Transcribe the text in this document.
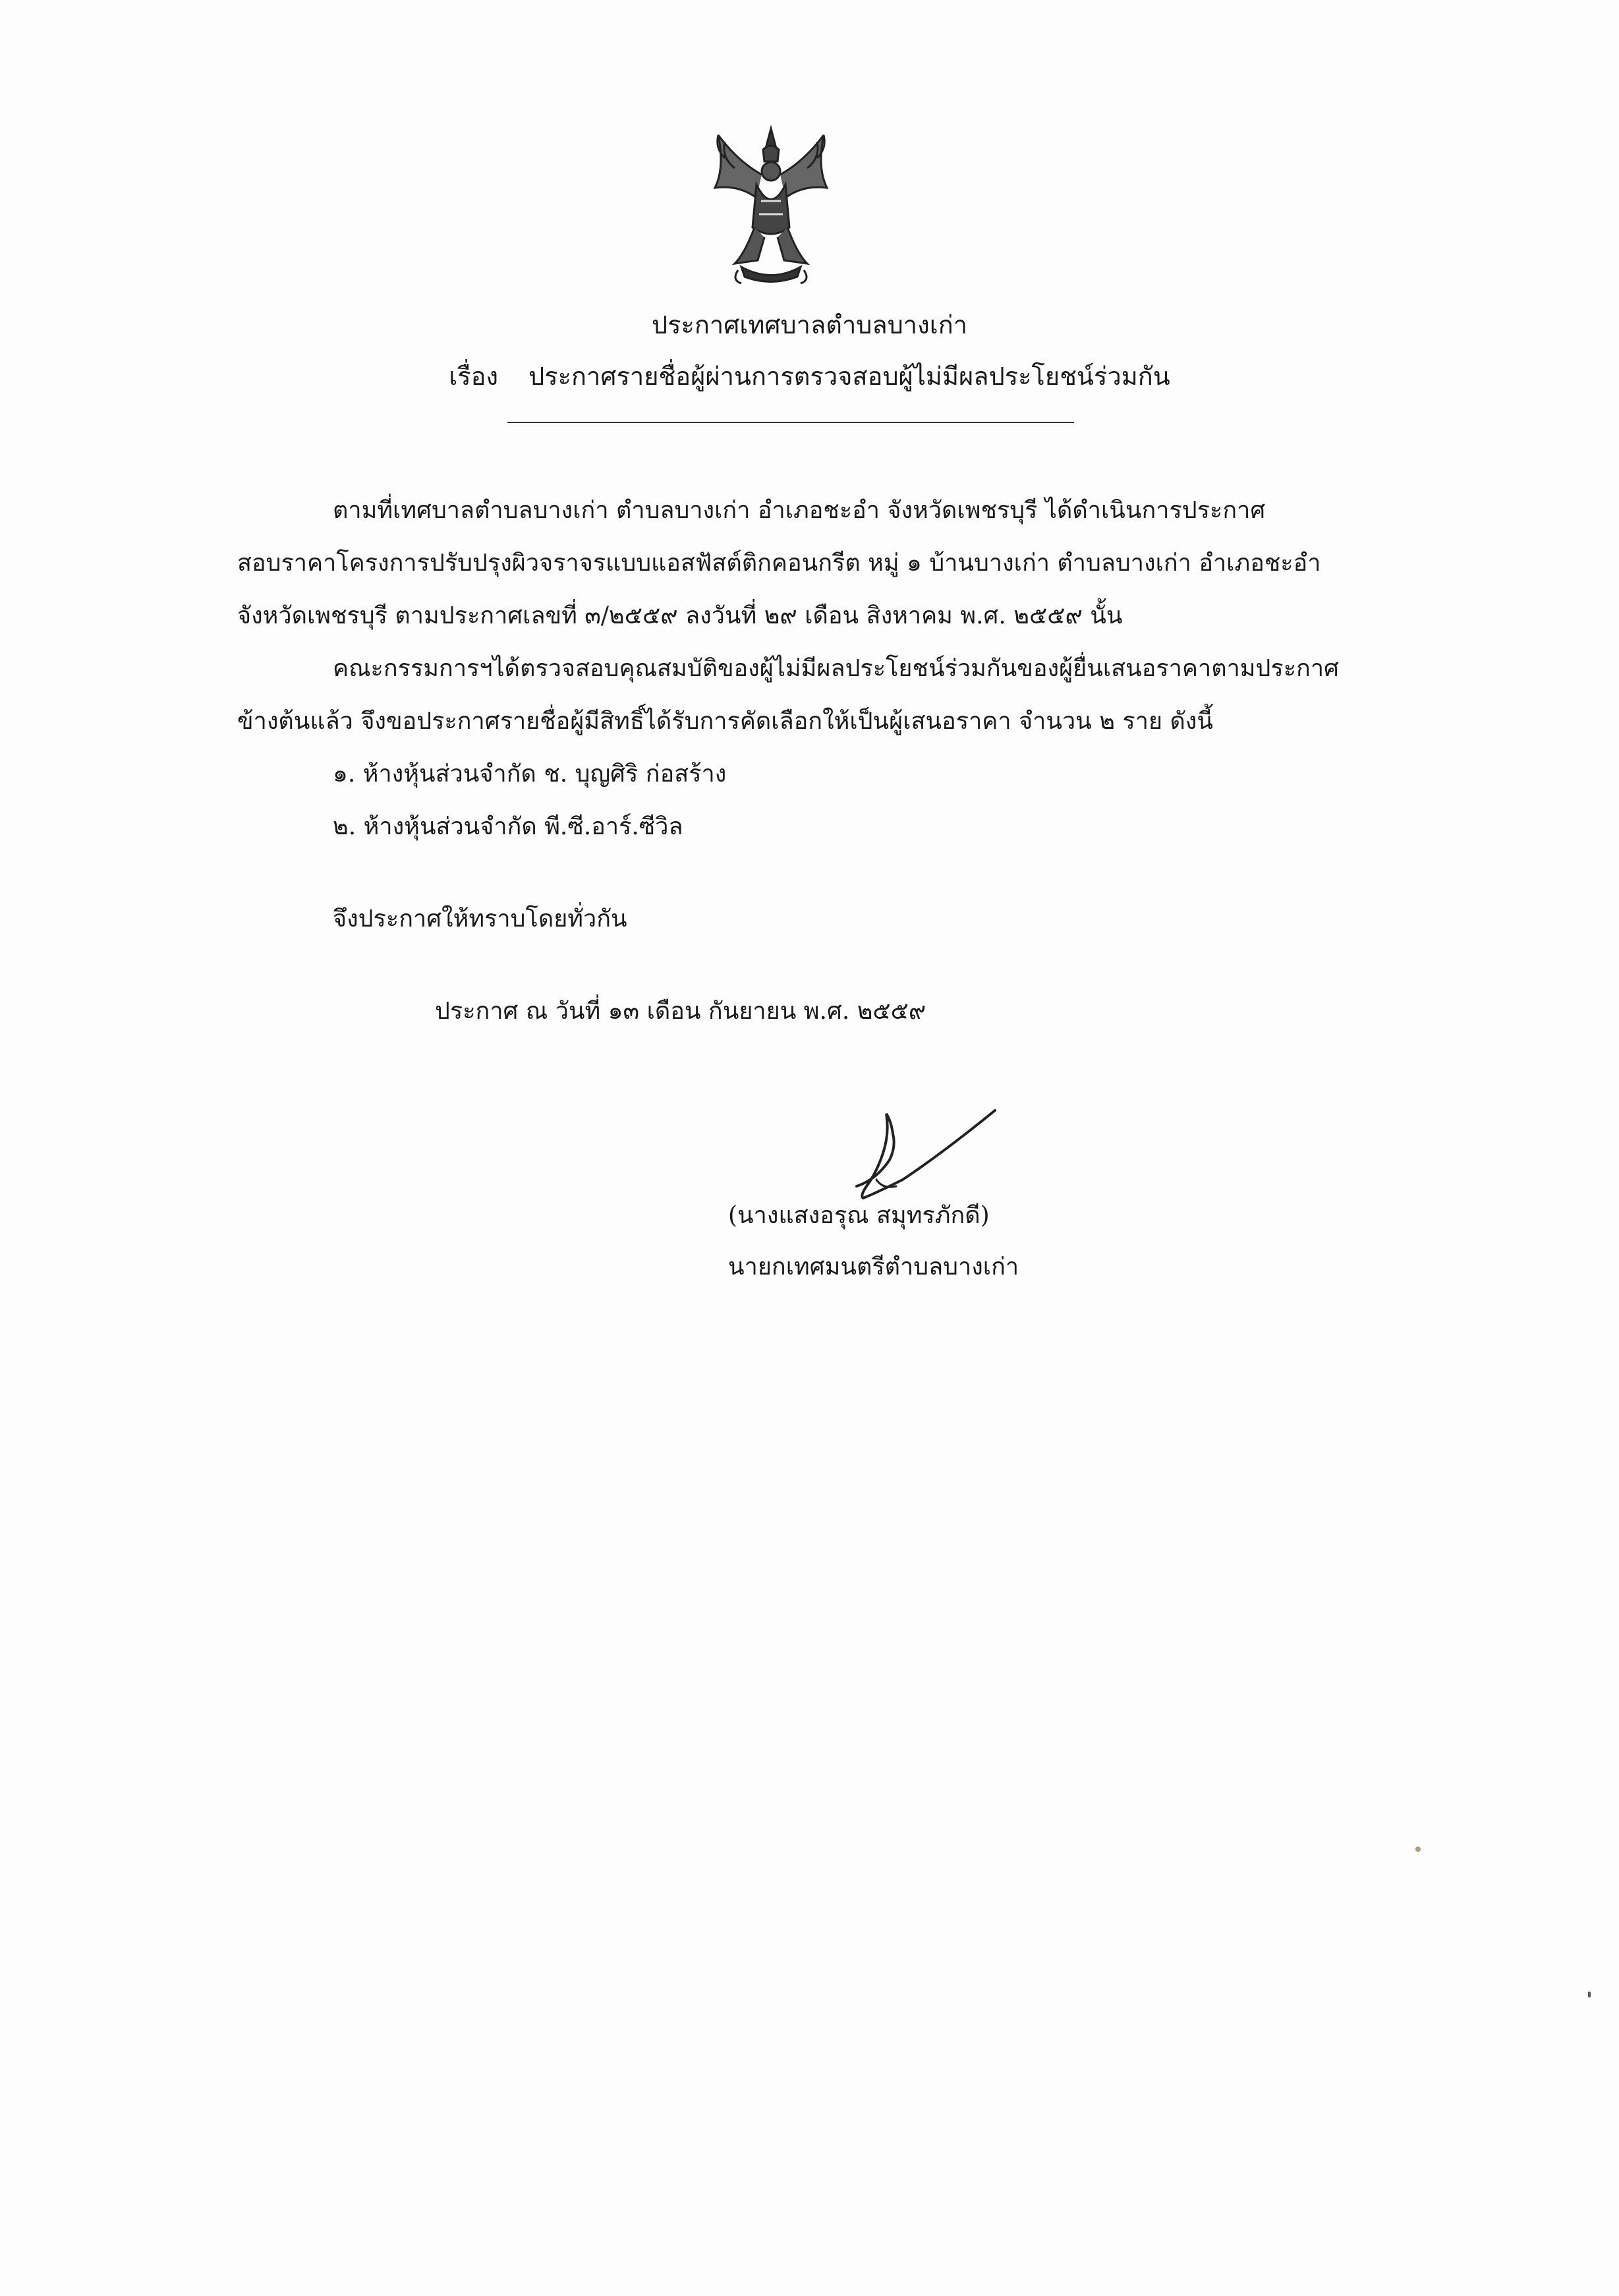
ประกาศเทศบาลตำบลบางเก่า
เรื่อง ประกาศรายชื่อผู้ผ่านการตรวจสอบผู้ไม่มีผลประโยชน์ร่วมกัน
ตามที่เทศบาลตำบลบางเก่า ตำบลบางเก่า อำเภอชะอำ จังหวัดเพชรบุรี ได้ดำเนินการประกาศ
สอบราคาโครงการปรับปรุงผิวจราจรแบบแอสฟัสต์ติกคอนกรีต หมู่ ๑ บ้านบางเก่า ตำบลบางเก่า อำเภอชะอำ
จังหวัดเพชรบุรี ตามประกาศเลขที่ ๓/๒๕๕๙ ลงวันที่ ๒๙ เดือน สิงหาคม พ.ศ. ๒๕๕๙ นั้น
คณะกรรมการฯได้ตรวจสอบคุณสมบัติของผู้ไม่มีผลประโยชน์ร่วมกันของผู้ยื่นเสนอราคาตามประกาศ
ข้างต้นแล้ว จึงขอประกาศรายชื่อผู้มีสิทธิ์ได้รับการคัดเลือกให้เป็นผู้เสนอราคา จำนวน ๒ ราย ดังนี้
๑. ห้างหุ้นส่วนจำกัด ช. บุญศิริ ก่อสร้าง
๒. ห้างหุ้นส่วนจำกัด พี.ซี.อาร์.ซีวิล
จึงประกาศให้ทราบโดยทั่วกัน
ประกาศ ณ วันที่ ๑๓ เดือน กันยายน พ.ศ. ๒๕๕๙
(นางแสงอรุณ สมุทรภักดี)
นายกเทศมนตรีตำบลบางเก่า
